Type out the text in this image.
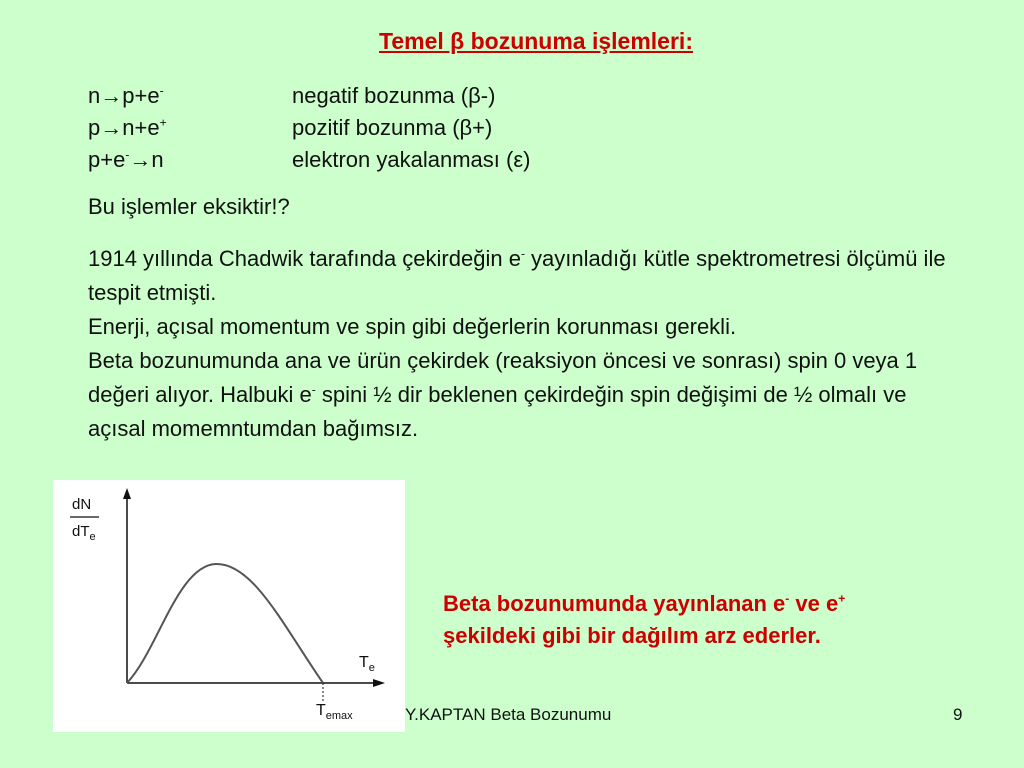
Temel β bozunuma işlemleri:
n→p+e-	negatif bozunma (β-)
p→n+e+	pozitif bozunma (β+)
p+e-→n	elektron yakalanması (ε)
Bu işlemler eksiktir!?
1914 yıllında Chadwik tarafında çekirdeğin e- yayınladığı kütle spektrometresi ölçümü ile tespit etmişti.
Enerji, açısal momentum ve spin gibi değerlerin korunması gerekli.
Beta bozunumunda ana ve ürün çekirdek (reaksiyon öncesi ve sonrası) spin 0 veya 1 değeri alıyor. Halbuki e- spini ½ dir beklenen çekirdeğin spin değişimi de ½ olmalı ve açısal momemntumdan bağımsız.
dN
$dT_e$
$T_e$
$T_{emax}$
Beta bozunumunda yayınlanan e- ve e+
şekildeki gibi bir dağılım arz ederler.
Y.KAPTAN Beta Bozunumu	9
